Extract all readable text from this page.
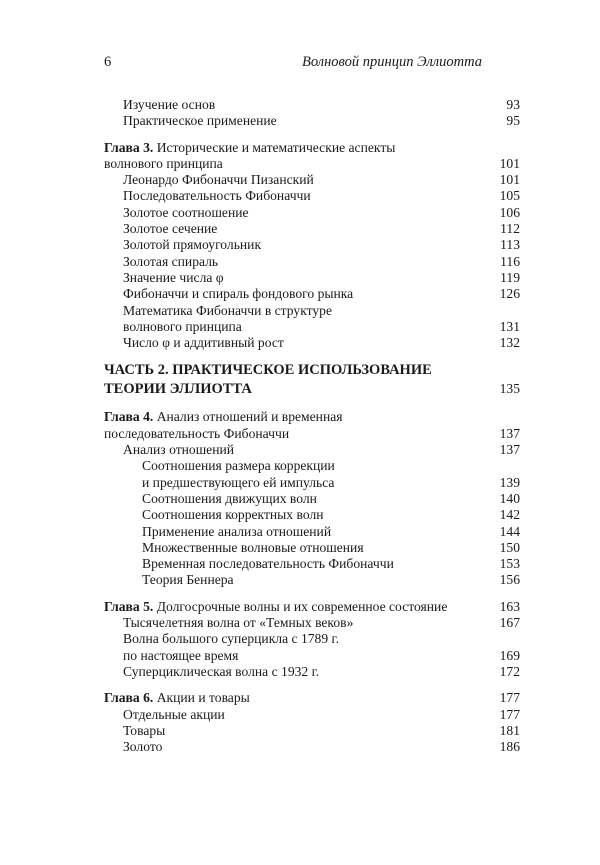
6	Волновой принцип Эллиотта
Изучение основ	93
Практическое применение	95
Глава 3. Исторические и математические аспекты
волнового принципа	101
Леонардо Фибоначчи Пизанский	101
Последовательность Фибоначчи	105
Золотое соотношение	106
Золотое сечение	112
Золотой прямоугольник	113
Золотая спираль	116
Значение числа φ	119
Фибоначчи и спираль фондового рынка	126
Математика Фибоначчи в структуре
волнового принципа	131
Число φ и аддитивный рост	132
ЧАСТЬ 2. ПРАКТИЧЕСКОЕ ИСПОЛЬЗОВАНИЕ
ТЕОРИИ ЭЛЛИОТТА	135
Глава 4. Анализ отношений и временная
последовательность Фибоначчи	137
Анализ отношений	137
Соотношения размера коррекции
и предшествующего ей импульса	139
Соотношения движущих волн	140
Соотношения корректных волн	142
Применение анализа отношений	144
Множественные волновые отношения	150
Временная последовательность Фибоначчи	153
Теория Беннера	156
Глава 5. Долгосрочные волны и их современное состояние	163
Тысячелетняя волна от «Темных веков»	167
Волна большого суперцикла с 1789 г.
по настоящее время	169
Суперциклическая волна с 1932 г.	172
Глава 6. Акции и товары	177
Отдельные акции	177
Товары	181
Золото	186
